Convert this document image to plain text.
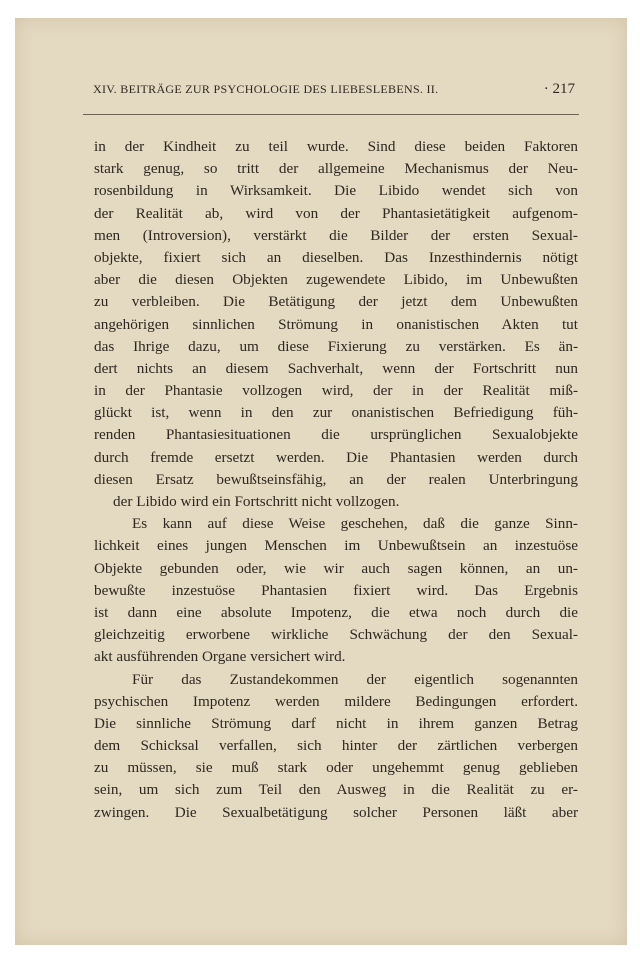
XIV. BEITRÄGE ZUR PSYCHOLOGIE DES LIEBESLEBENS. II.	· 217
in der Kindheit zu teil wurde. Sind diese beiden Faktoren
stark genug, so tritt der allgemeine Mechanismus der Neu-
rosenbildung in Wirksamkeit. Die Libido wendet sich von
der Realität ab, wird von der Phantasietätigkeit aufgenom-
men (Introversion), verstärkt die Bilder der ersten Sexual-
objekte, fixiert sich an dieselben. Das Inzesthindernis nötigt
aber die diesen Objekten zugewendete Libido, im Unbewußten
zu verbleiben. Die Betätigung der jetzt dem Unbewußten
angehörigen sinnlichen Strömung in onanistischen Akten tut
das Ihrige dazu, um diese Fixierung zu verstärken. Es än-
dert nichts an diesem Sachverhalt, wenn der Fortschritt nun
in der Phantasie vollzogen wird, der in der Realität miß-
glückt ist, wenn in den zur onanistischen Befriedigung füh-
renden Phantasiesituationen die ursprünglichen Sexualobjekte
durch fremde ersetzt werden. Die Phantasien werden durch
diesen Ersatz bewußtseinsfähig, an der realen Unterbringung
der Libido wird ein Fortschritt nicht vollzogen.
Es kann auf diese Weise geschehen, daß die ganze Sinn-
lichkeit eines jungen Menschen im Unbewußtsein an inzestuöse
Objekte gebunden oder, wie wir auch sagen können, an un-
bewußte inzestuöse Phantasien fixiert wird. Das Ergebnis
ist dann eine absolute Impotenz, die etwa noch durch die
gleichzeitig erworbene wirkliche Schwächung der den Sexual-
akt ausführenden Organe versichert wird.
Für das Zustandekommen der eigentlich sogenannten
psychischen Impotenz werden mildere Bedingungen erfordert.
Die sinnliche Strömung darf nicht in ihrem ganzen Betrag
dem Schicksal verfallen, sich hinter der zärtlichen verbergen
zu müssen, sie muß stark oder ungehemmt genug geblieben
sein, um sich zum Teil den Ausweg in die Realität zu er-
zwingen. Die Sexualbetätigung solcher Personen läßt aber
